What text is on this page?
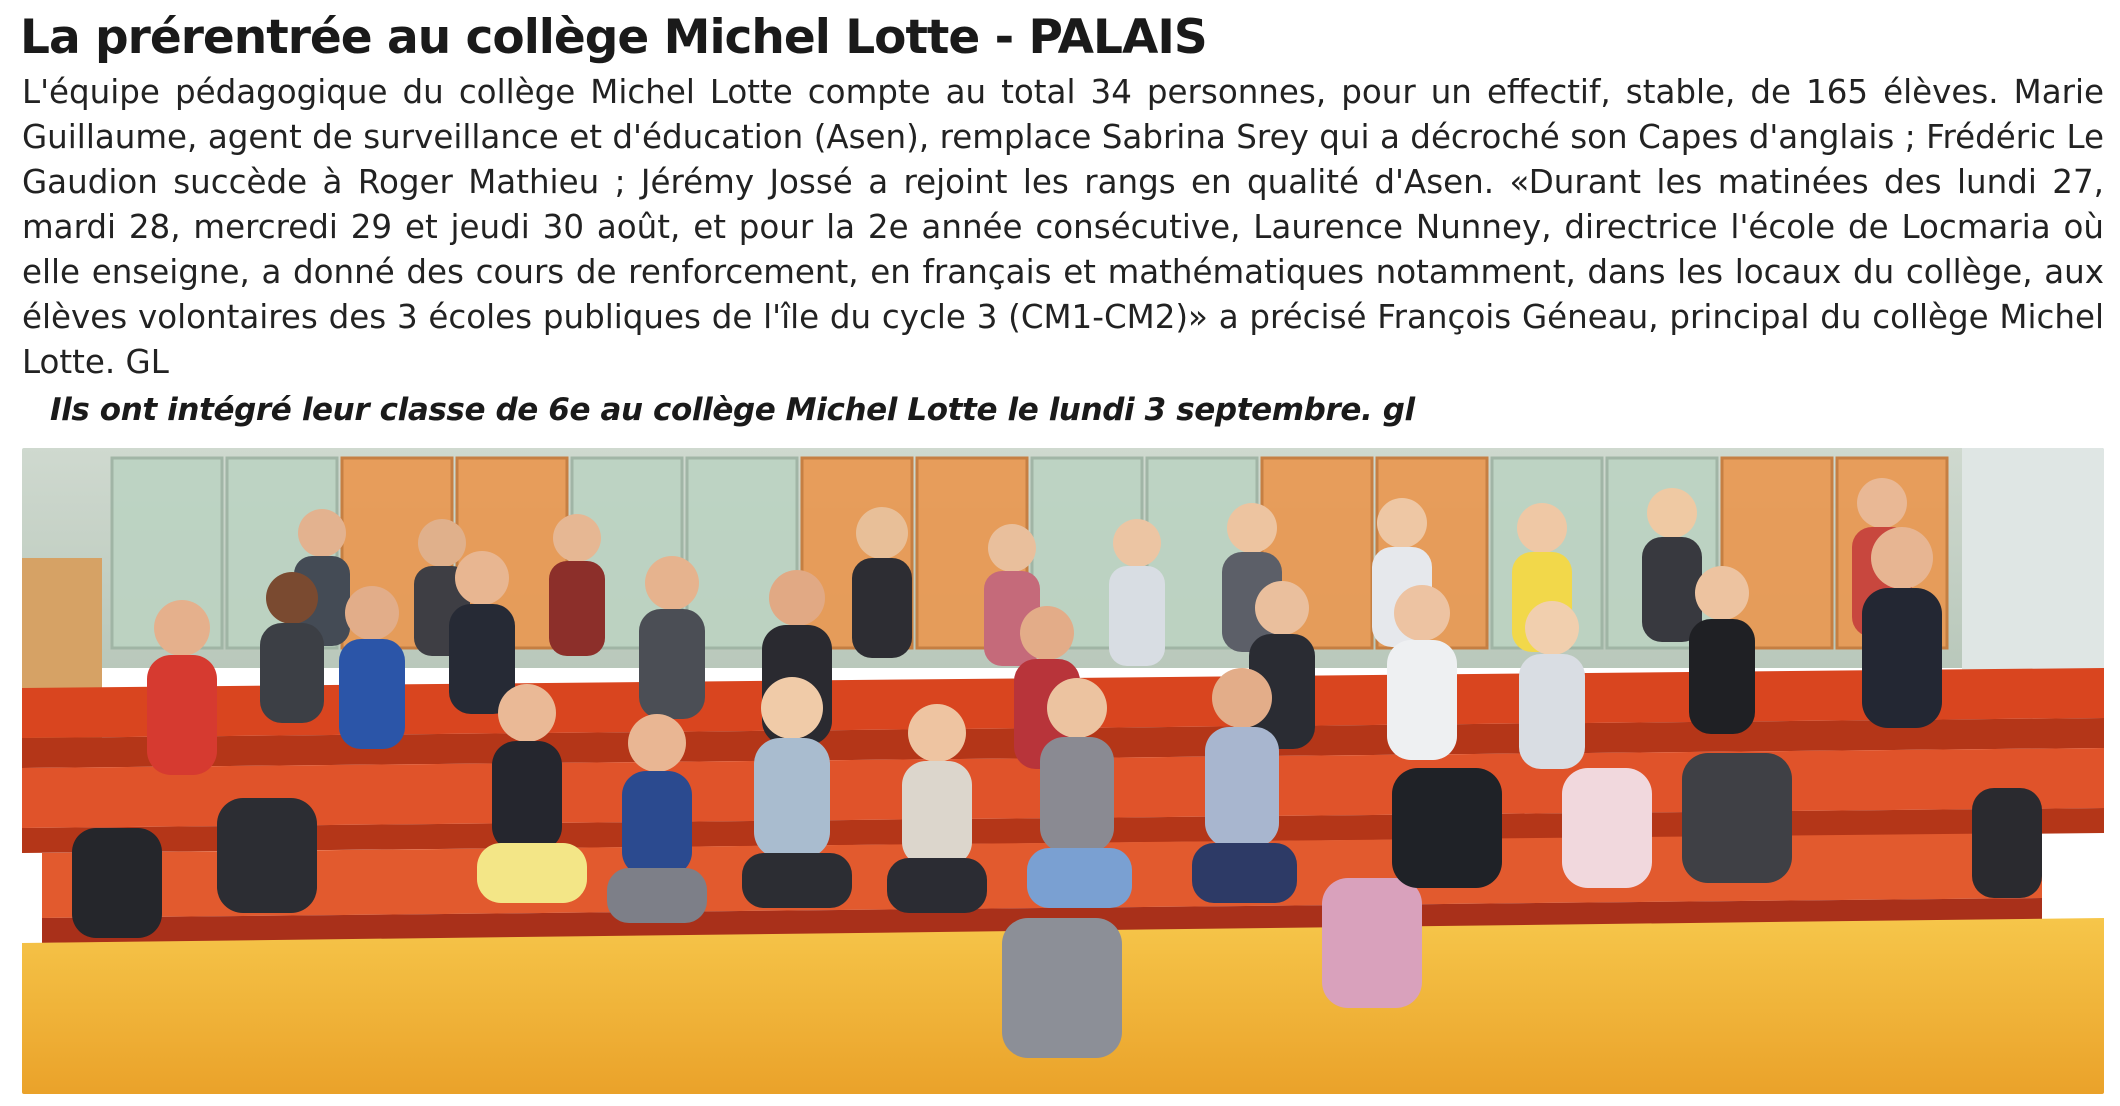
La prérentrée au collège Michel Lotte - PALAIS

L'équipe pédagogique du collège Michel Lotte compte au total 34 personnes, pour un effectif, stable, de 165 élèves. Marie Guillaume, agent de surveillance et d'éducation (Asen), remplace Sabrina Srey qui a décroché son Capes d'anglais ; Frédéric Le Gaudion succède à Roger Mathieu ; Jérémy Jossé a rejoint les rangs en qualité d'Asen. «Durant les matinées des lundi 27, mardi 28, mercredi 29 et jeudi 30 août, et pour la 2e année consécutive, Laurence Nunney, directrice l'école de Locmaria où elle enseigne, a donné des cours de renforcement, en français et mathématiques notamment, dans les locaux du collège, aux élèves volontaires des 3 écoles publiques de l'île du cycle 3 (CM1-CM2)» a précisé François Géneau, principal du collège Michel Lotte. GL

Ils ont intégré leur classe de 6e au collège Michel Lotte le lundi 3 septembre. gl
